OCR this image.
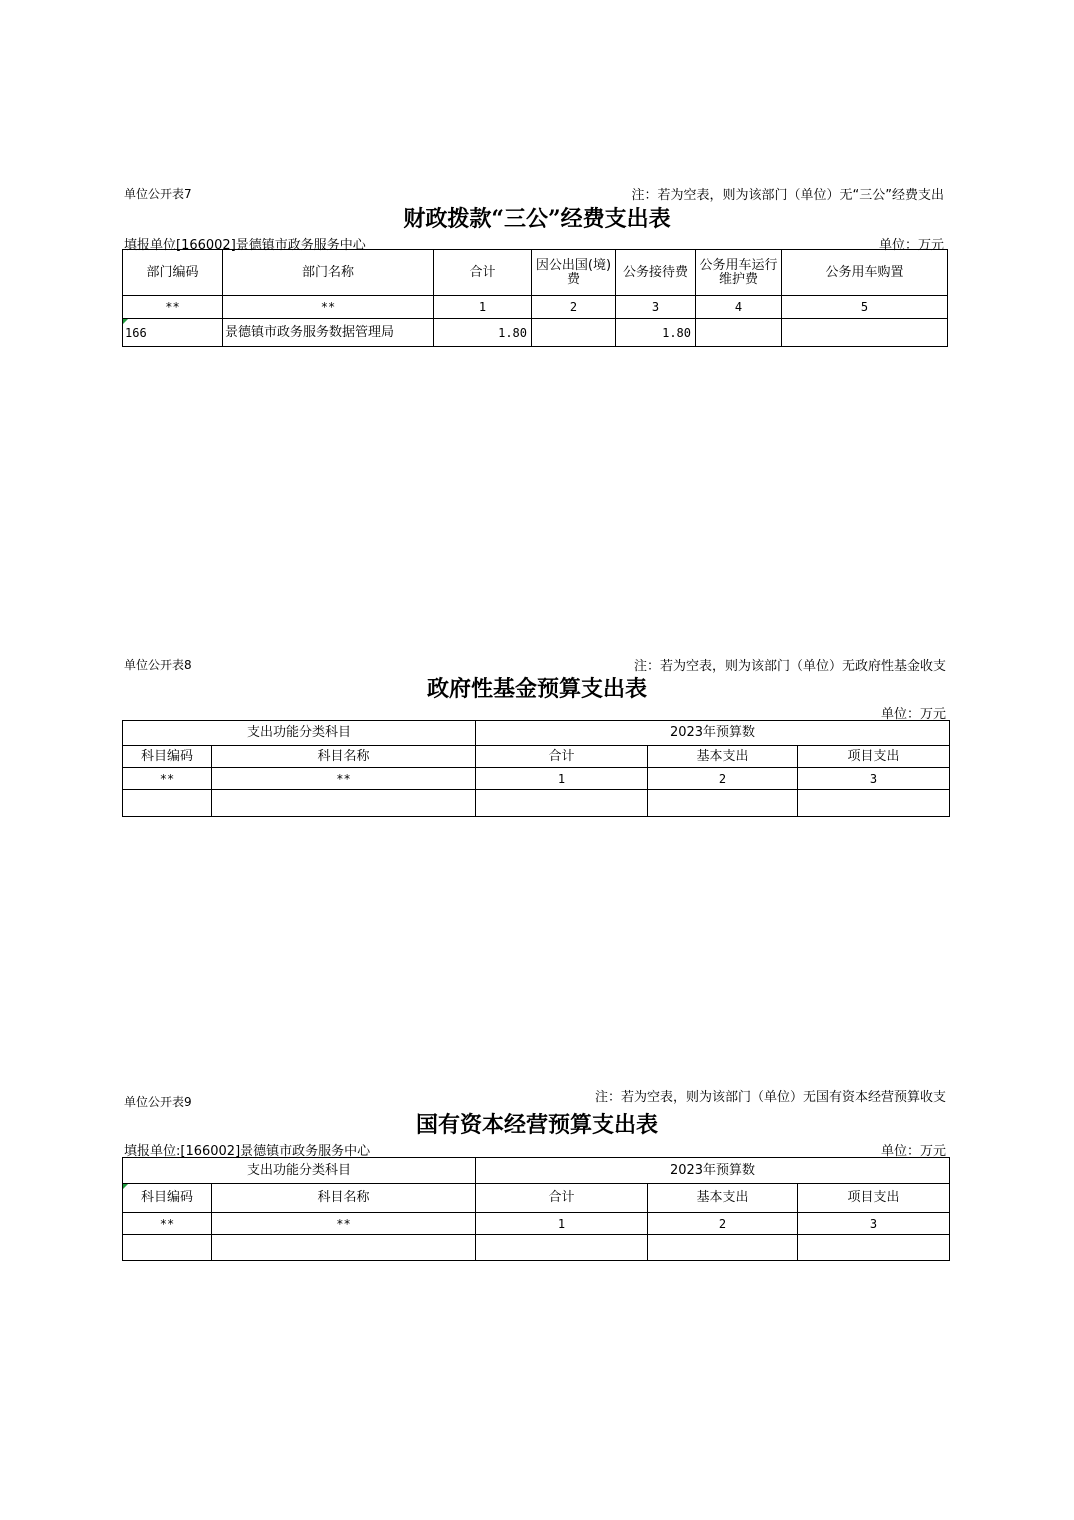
单位公开表7	注：若为空表，则为该部门（单位）无“三公”经费支出
财政拨款“三公”经费支出表
填报单位[166002]景德镇市政务服务中心	单位：万元
部门编码	部门名称	合计	因公出国(境)费	公务接待费	公务用车运行维护费	公务用车购置
**	**	1	2	3	4	5
166	景德镇市政务服务数据管理局	1.80		1.80		
单位公开表8	注：若为空表，则为该部门（单位）无政府性基金收支
政府性基金预算支出表
单位：万元
支出功能分类科目		2023年预算数		
科目编码	科目名称	合计	基本支出	项目支出
**	**	1	2	3

单位公开表9	注：若为空表，则为该部门（单位）无国有资本经营预算收支
国有资本经营预算支出表
填报单位:[166002]景德镇市政务服务中心	单位：万元
支出功能分类科目		2023年预算数		
科目编码	科目名称	合计	基本支出	项目支出
**	**	1	2	3
